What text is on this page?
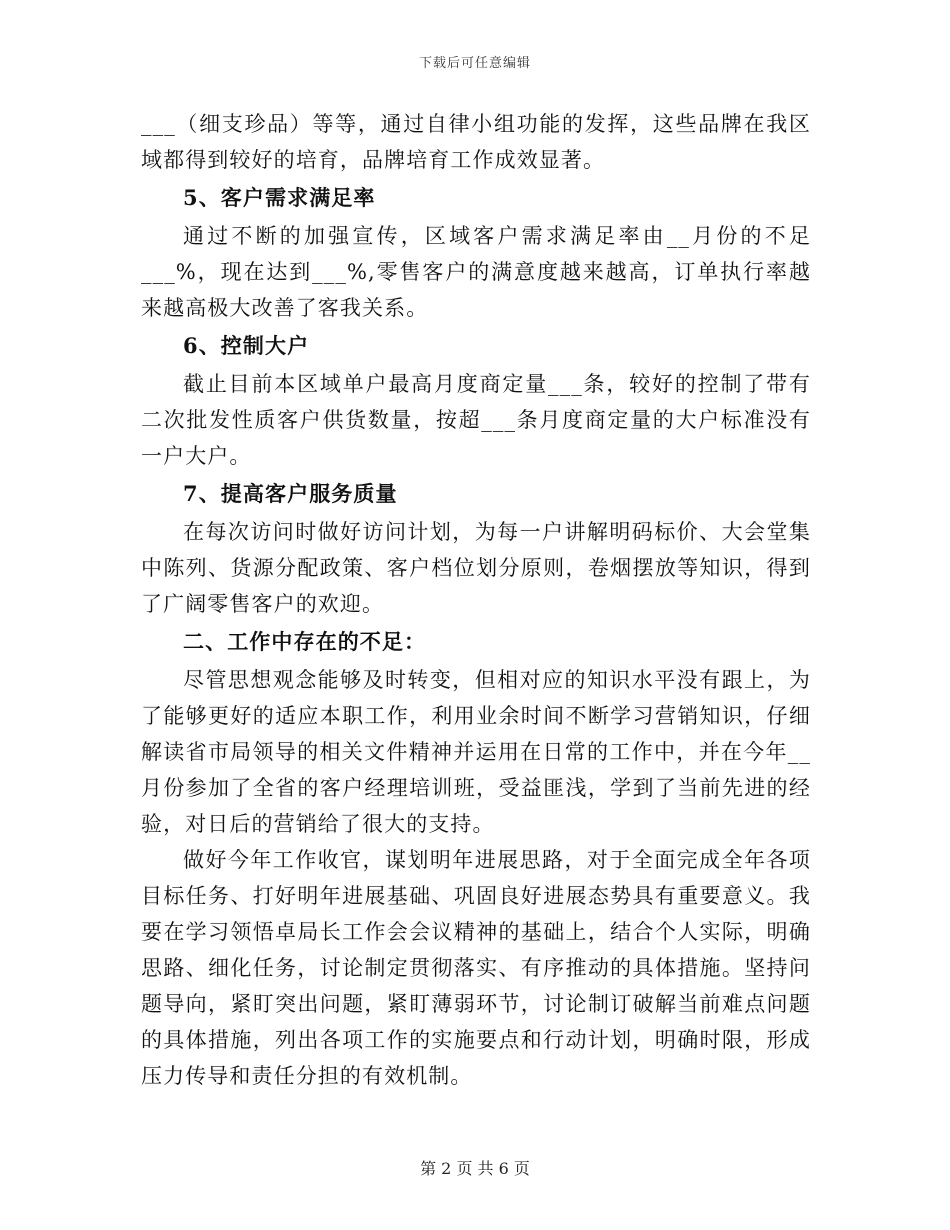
下载后可任意编辑

___（细支珍品）等等，通过自律小组功能的发挥，这些品牌在我区域都得到较好的培育，品牌培育工作成效显著。

5、客户需求满足率

通过不断的加强宣传，区域客户需求满足率由__月份的不足___%，现在达到___%,零售客户的满意度越来越高，订单执行率越来越高极大改善了客我关系。

6、控制大户

截止目前本区域单户最高月度商定量___条，较好的控制了带有二次批发性质客户供货数量，按超___条月度商定量的大户标准没有一户大户。

7、提高客户服务质量

在每次访问时做好访问计划，为每一户讲解明码标价、大会堂集中陈列、货源分配政策、客户档位划分原则，卷烟摆放等知识，得到了广阔零售客户的欢迎。

二、工作中存在的不足：

尽管思想观念能够及时转变，但相对应的知识水平没有跟上，为了能够更好的适应本职工作，利用业余时间不断学习营销知识，仔细解读省市局领导的相关文件精神并运用在日常的工作中，并在今年__月份参加了全省的客户经理培训班，受益匪浅，学到了当前先进的经验，对日后的营销给了很大的支持。

做好今年工作收官，谋划明年进展思路，对于全面完成全年各项目标任务、打好明年进展基础、巩固良好进展态势具有重要意义。我要在学习领悟卓局长工作会会议精神的基础上，结合个人实际，明确思路、细化任务，讨论制定贯彻落实、有序推动的具体措施。坚持问题导向，紧盯突出问题，紧盯薄弱环节，讨论制订破解当前难点问题的具体措施，列出各项工作的实施要点和行动计划，明确时限，形成压力传导和责任分担的有效机制。

第 2 页 共 6 页
